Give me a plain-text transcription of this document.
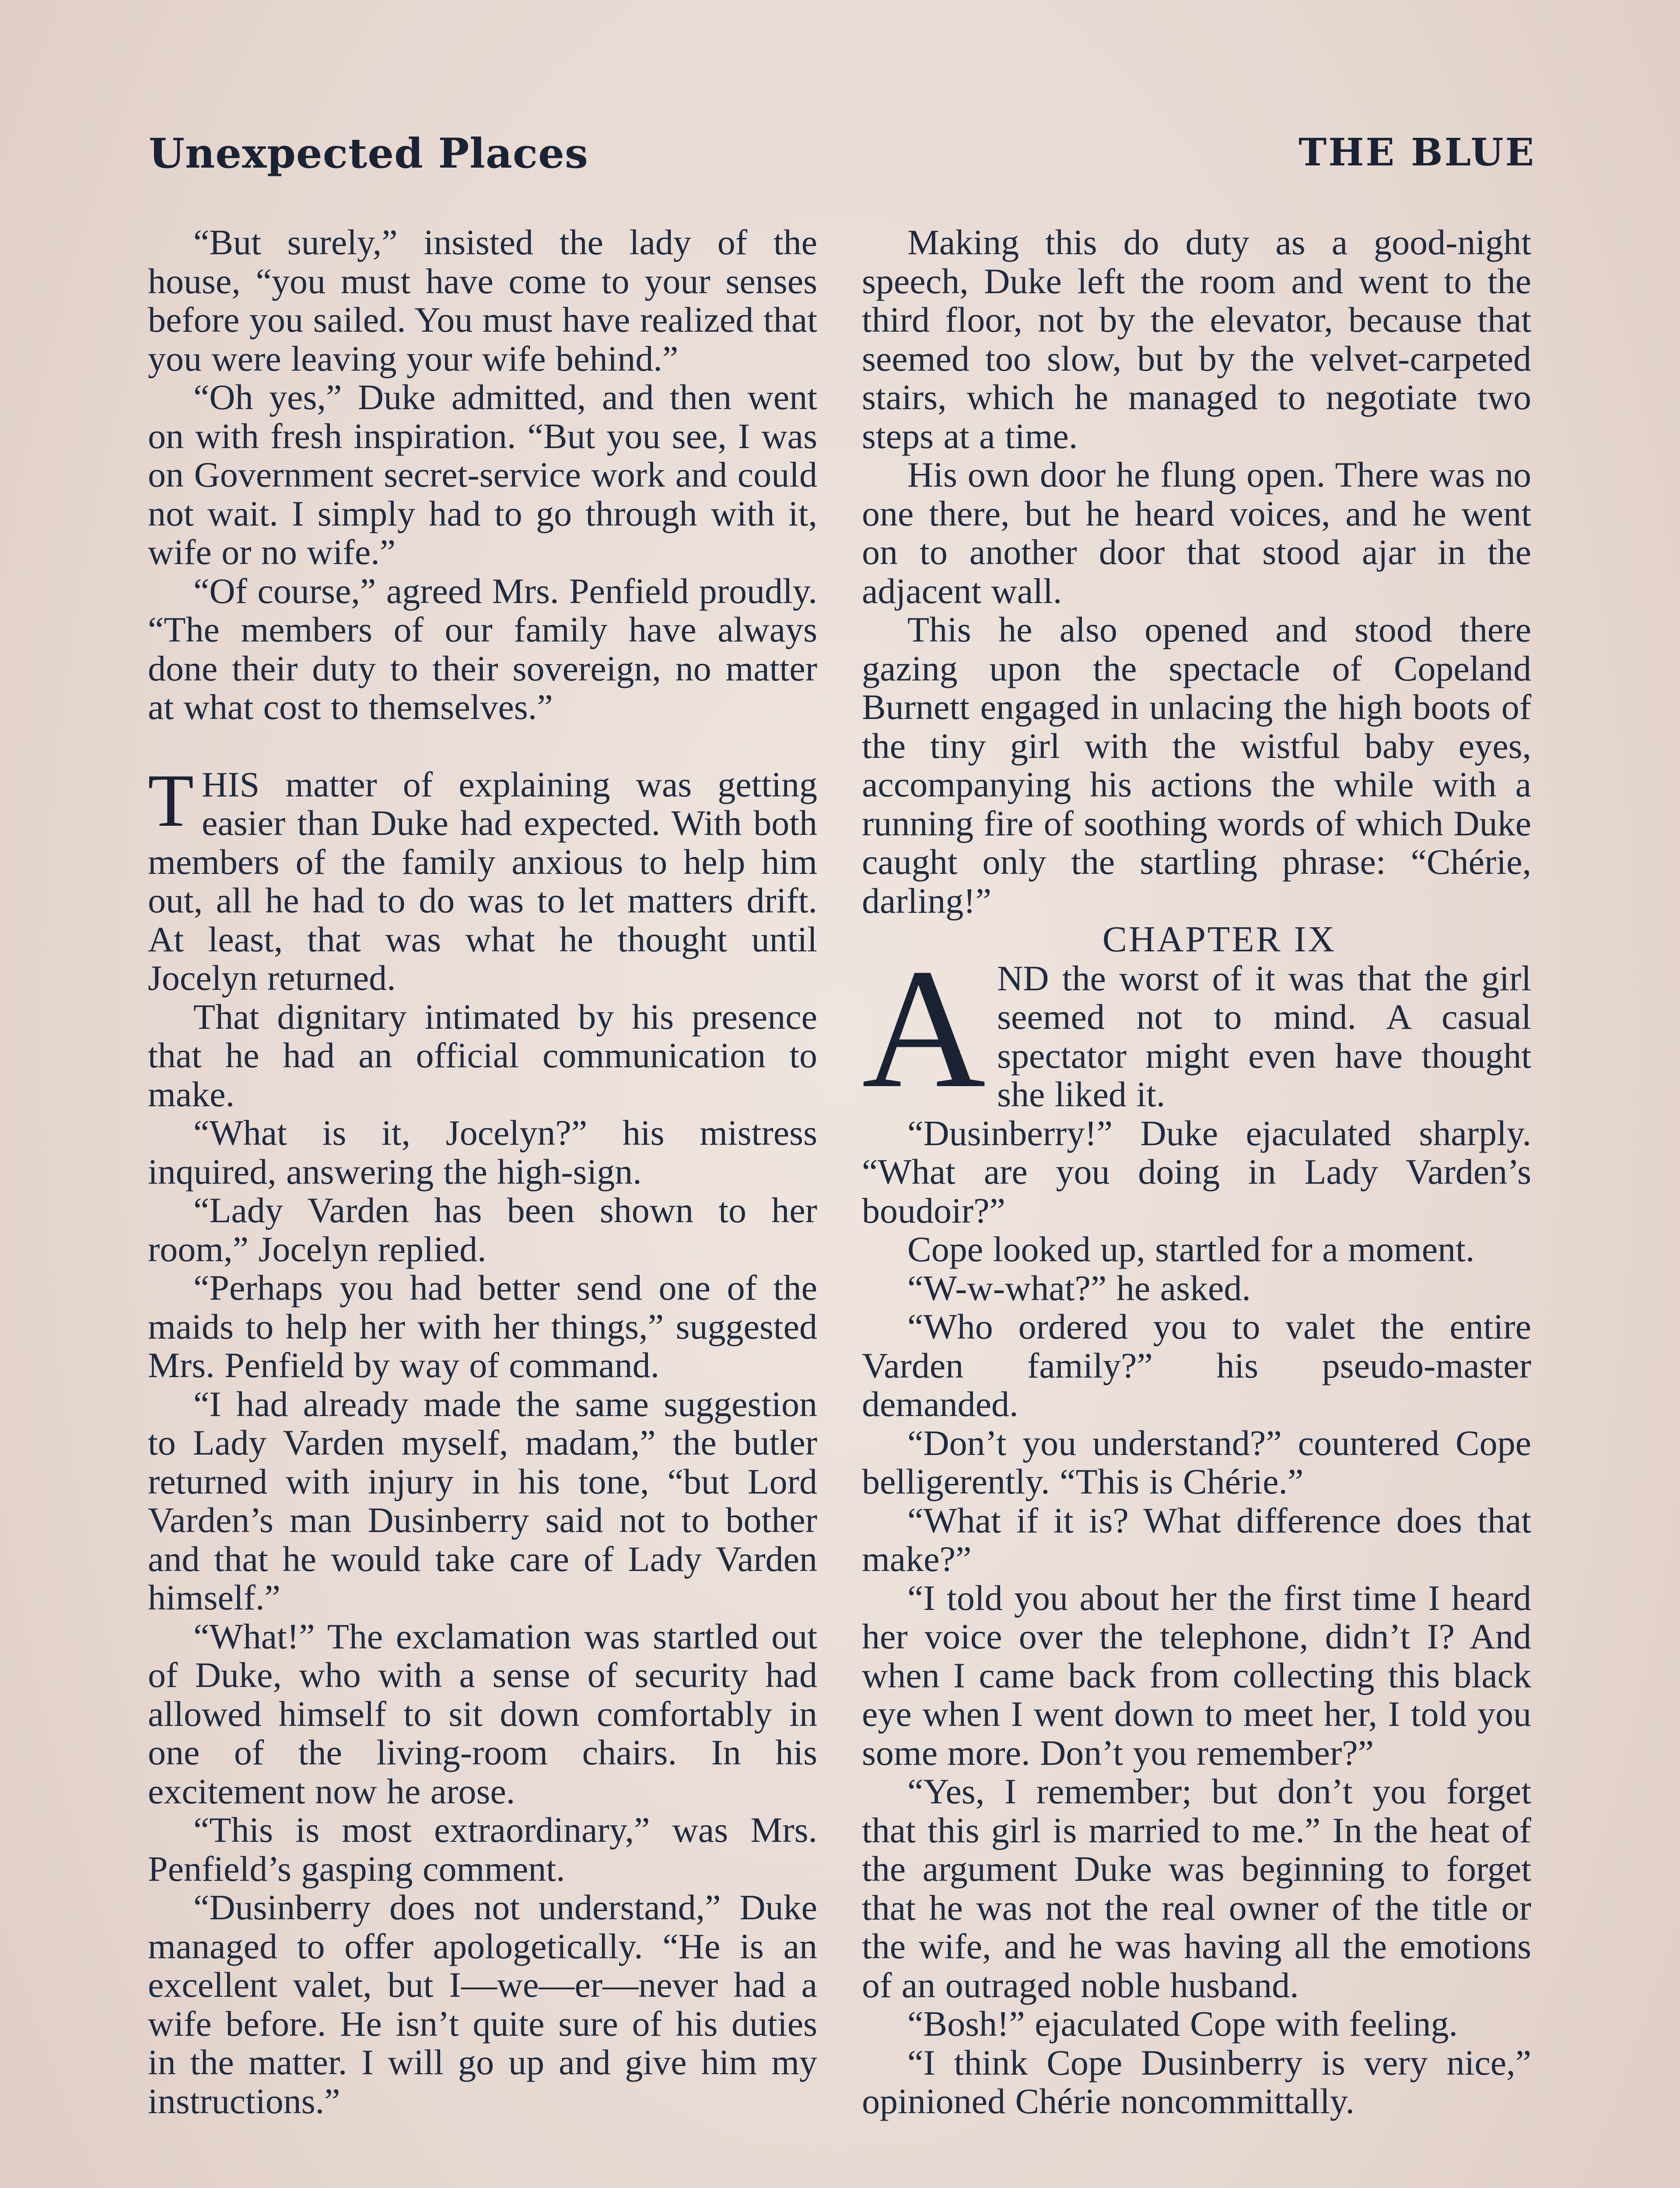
Unexpected Places	THE BLUE

“But surely,” insisted the lady of the house, “you must have come to your senses before you sailed. You must have realized that you were leaving your wife behind.”

“Oh yes,” Duke admitted, and then went on with fresh inspiration. “But you see, I was on Government secret-service work and could not wait. I simply had to go through with it, wife or no wife.”

“Of course,” agreed Mrs. Penfield proudly. “The members of our family have always done their duty to their sovereign, no matter at what cost to themselves.”

THIS matter of explaining was getting easier than Duke had expected. With both members of the family anxious to help him out, all he had to do was to let matters drift. At least, that was what he thought until Jocelyn returned.

That dignitary intimated by his presence that he had an official communication to make.

“What is it, Jocelyn?” his mistress inquired, answering the high-sign.

“Lady Varden has been shown to her room,” Jocelyn replied.

“Perhaps you had better send one of the maids to help her with her things,” suggested Mrs. Penfield by way of command.

“I had already made the same suggestion to Lady Varden myself, madam,” the butler returned with injury in his tone, “but Lord Varden’s man Dusinberry said not to bother and that he would take care of Lady Varden himself.”

“What!” The exclamation was startled out of Duke, who with a sense of security had allowed himself to sit down comfortably in one of the living-room chairs. In his excitement now he arose.

“This is most extraordinary,” was Mrs. Penfield’s gasping comment.

“Dusinberry does not understand,” Duke managed to offer apologetically. “He is an excellent valet, but I—we—er—never had a wife before. He isn’t quite sure of his duties in the matter. I will go up and give him my instructions.”

Making this do duty as a good-night speech, Duke left the room and went to the third floor, not by the elevator, because that seemed too slow, but by the velvet-carpeted stairs, which he managed to negotiate two steps at a time.

His own door he flung open. There was no one there, but he heard voices, and he went on to another door that stood ajar in the adjacent wall.

This he also opened and stood there gazing upon the spectacle of Copeland Burnett engaged in unlacing the high boots of the tiny girl with the wistful baby eyes, accompanying his actions the while with a running fire of soothing words of which Duke caught only the startling phrase: “Chérie, darling!”

CHAPTER IX

AND the worst of it was that the girl seemed not to mind. A casual spectator might even have thought she liked it.

“Dusinberry!” Duke ejaculated sharply. “What are you doing in Lady Varden’s boudoir?”

Cope looked up, startled for a moment.

“W-w-what?” he asked.

“Who ordered you to valet the entire Varden family?” his pseudo-master demanded.

“Don’t you understand?” countered Cope belligerently. “This is Chérie.”

“What if it is? What difference does that make?”

“I told you about her the first time I heard her voice over the telephone, didn’t I? And when I came back from collecting this black eye when I went down to meet her, I told you some more. Don’t you remember?”

“Yes, I remember; but don’t you forget that this girl is married to me.” In the heat of the argument Duke was beginning to forget that he was not the real owner of the title or the wife, and he was having all the emotions of an outraged noble husband.

“Bosh!” ejaculated Cope with feeling.

“I think Cope Dusinberry is very nice,” opinioned Chérie noncommittally.
